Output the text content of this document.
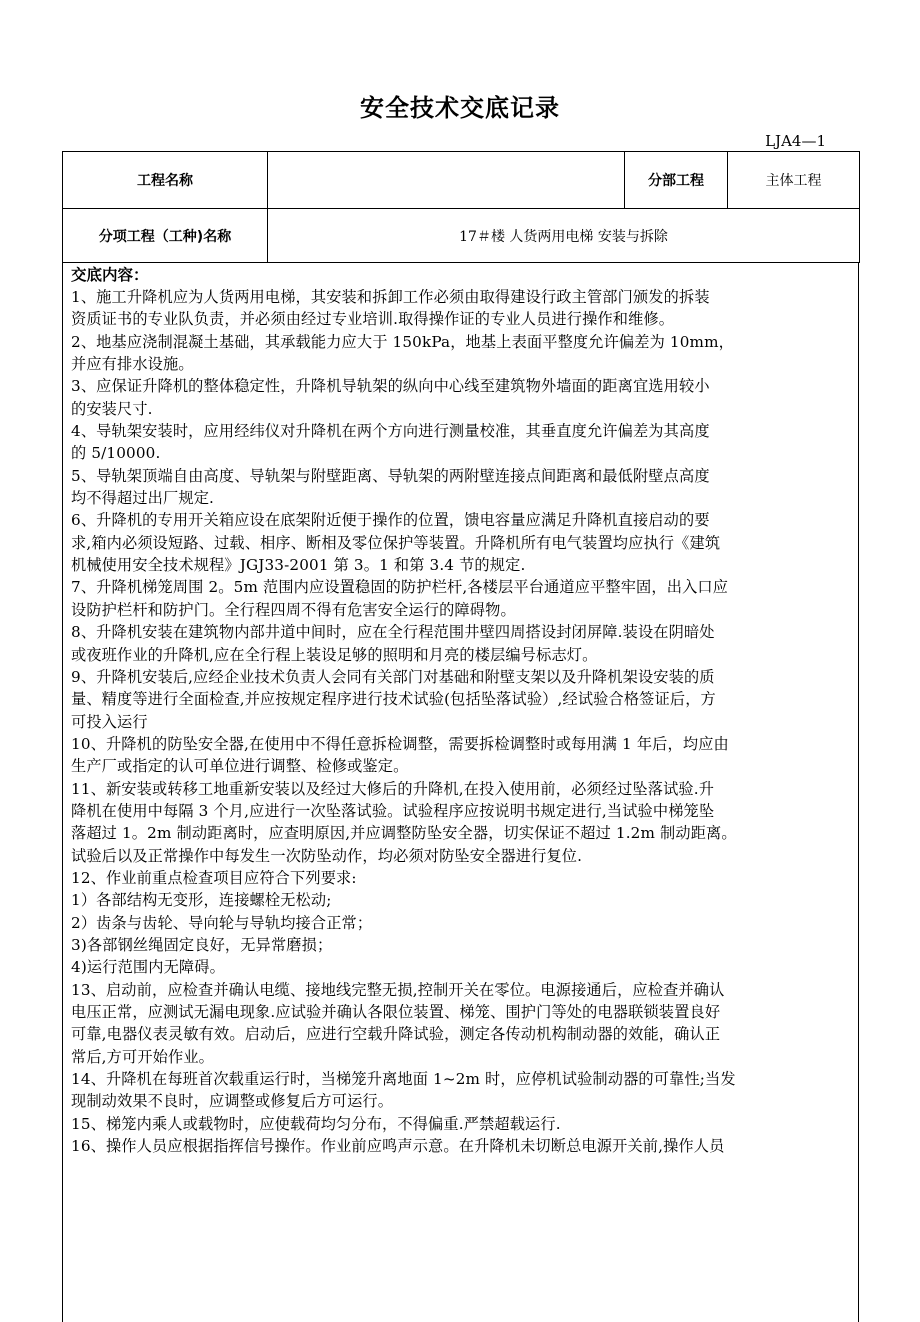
安全技术交底记录
LJA4—1
工程名称		分部工程	主体工程
分项工程（工种)名称	17＃楼 人货两用电梯 安装与拆除		
交底内容：
1、施工升降机应为人货两用电梯，其安装和拆卸工作必须由取得建设行政主管部门颁发的拆装
资质证书的专业队负责，并必须由经过专业培训.取得操作证的专业人员进行操作和维修。
2、地基应浇制混凝土基础，其承载能力应大于 150kPa，地基上表面平整度允许偏差为 10mm，
并应有排水设施。
3、应保证升降机的整体稳定性，升降机导轨架的纵向中心线至建筑物外墙面的距离宜选用较小
的安装尺寸.
4、导轨架安装时，应用经纬仪对升降机在两个方向进行测量校准，其垂直度允许偏差为其高度
的 5/10000.
5、导轨架顶端自由高度、导轨架与附壁距离、导轨架的两附壁连接点间距离和最低附壁点高度
均不得超过出厂规定.
6、升降机的专用开关箱应设在底架附近便于操作的位置，馈电容量应满足升降机直接启动的要
求,箱内必须设短路、过载、相序、断相及零位保护等装置。升降机所有电气装置均应执行《建筑
机械使用安全技术规程》JGJ33-2001 第 3。1 和第 3.4 节的规定.
7、升降机梯笼周围 2。5m 范围内应设置稳固的防护栏杆,各楼层平台通道应平整牢固，出入口应
设防护栏杆和防护门。全行程四周不得有危害安全运行的障碍物。
8、升降机安装在建筑物内部井道中间时，应在全行程范围井壁四周搭设封闭屏障.装设在阴暗处
或夜班作业的升降机,应在全行程上装设足够的照明和月亮的楼层编号标志灯。
9、升降机安装后,应经企业技术负责人会同有关部门对基础和附壁支架以及升降机架设安装的质
量、精度等进行全面检查,并应按规定程序进行技术试验(包括坠落试验）,经试验合格签证后，方
可投入运行
10、升降机的防坠安全器,在使用中不得任意拆检调整，需要拆检调整时或每用满 1 年后，均应由
生产厂或指定的认可单位进行调整、检修或鉴定。
11、新安装或转移工地重新安装以及经过大修后的升降机,在投入使用前，必须经过坠落试验.升
降机在使用中每隔 3 个月,应进行一次坠落试验。试验程序应按说明书规定进行,当试验中梯笼坠
落超过 1。2m 制动距离时，应查明原因,并应调整防坠安全器，切实保证不超过 1.2m 制动距离。
试验后以及正常操作中每发生一次防坠动作，均必须对防坠安全器进行复位.
12、作业前重点检查项目应符合下列要求:
1）各部结构无变形，连接螺栓无松动;
2）齿条与齿轮、导向轮与导轨均接合正常；
3)各部钢丝绳固定良好，无异常磨损；
4)运行范围内无障碍。
13、启动前，应检查并确认电缆、接地线完整无损,控制开关在零位。电源接通后，应检查并确认
电压正常，应测试无漏电现象.应试验并确认各限位装置、梯笼、围护门等处的电器联锁装置良好
可靠,电器仪表灵敏有效。启动后，应进行空载升降试验，测定各传动机构制动器的效能，确认正
常后,方可开始作业。
14、升降机在每班首次载重运行时，当梯笼升离地面 1~2m 时，应停机试验制动器的可靠性;当发
现制动效果不良时，应调整或修复后方可运行。
15、梯笼内乘人或载物时，应使载荷均匀分布，不得偏重.严禁超载运行.
16、操作人员应根据指挥信号操作。作业前应鸣声示意。在升降机未切断总电源开关前,操作人员
